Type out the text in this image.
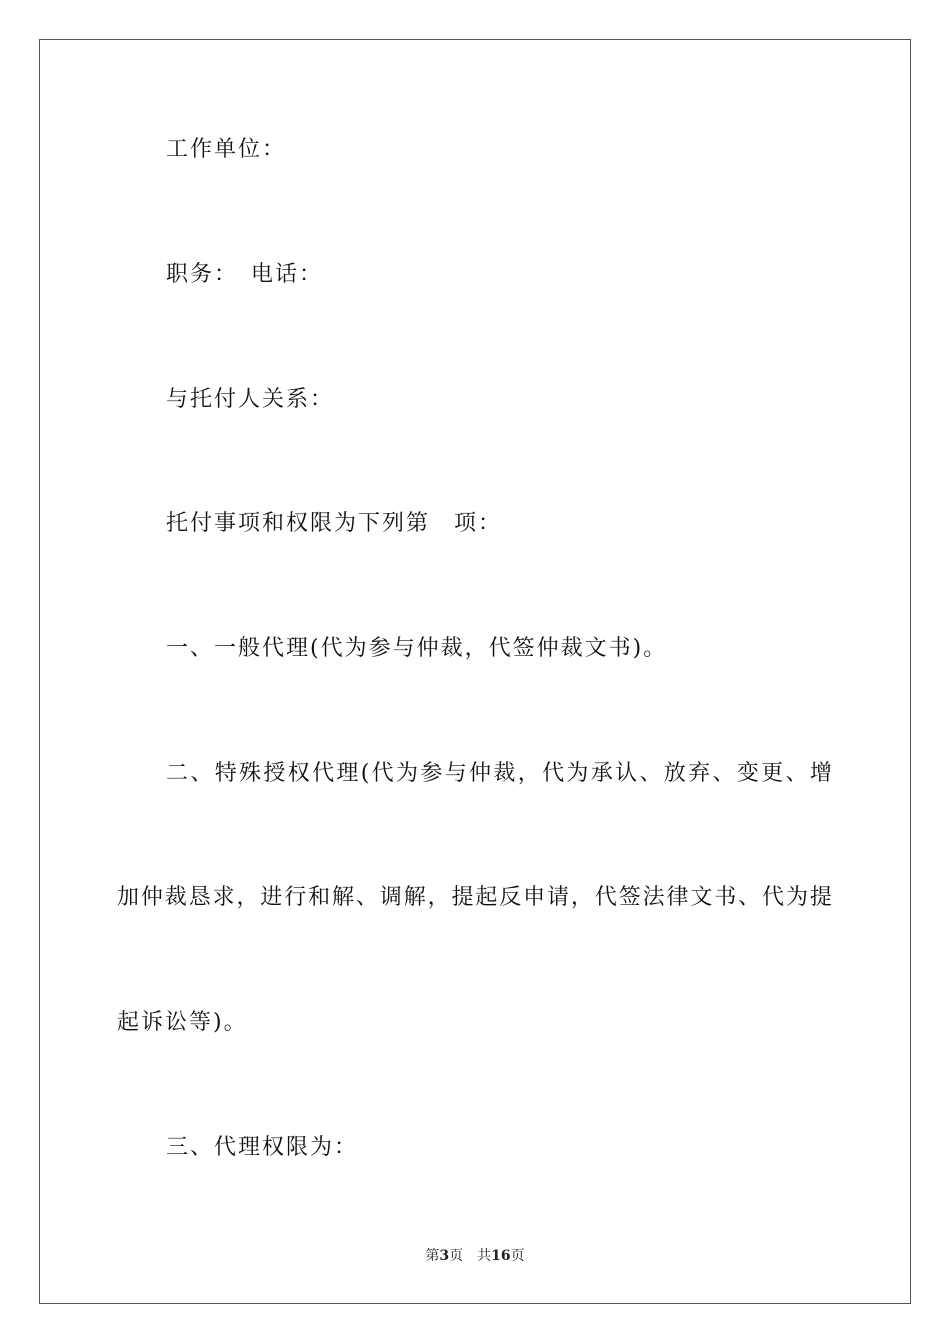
工作单位：
职务：　电话：
与托付人关系：
托付事项和权限为下列第　项：
一、一般代理(代为参与仲裁，代签仲裁文书)。
二 、 特 殊 授 权 代 理 ( 代 为 参 与 仲 裁 ， 代 为 承 认 、 放 弃 、 变 更 、 增
加 仲 裁 恳 求 ， 进 行 和 解 、 调 解 ， 提 起 反 申 请 ， 代 签 法 律 文 书 、 代 为 提
起诉讼等)。
三、代理权限为：
第3页 共16页
